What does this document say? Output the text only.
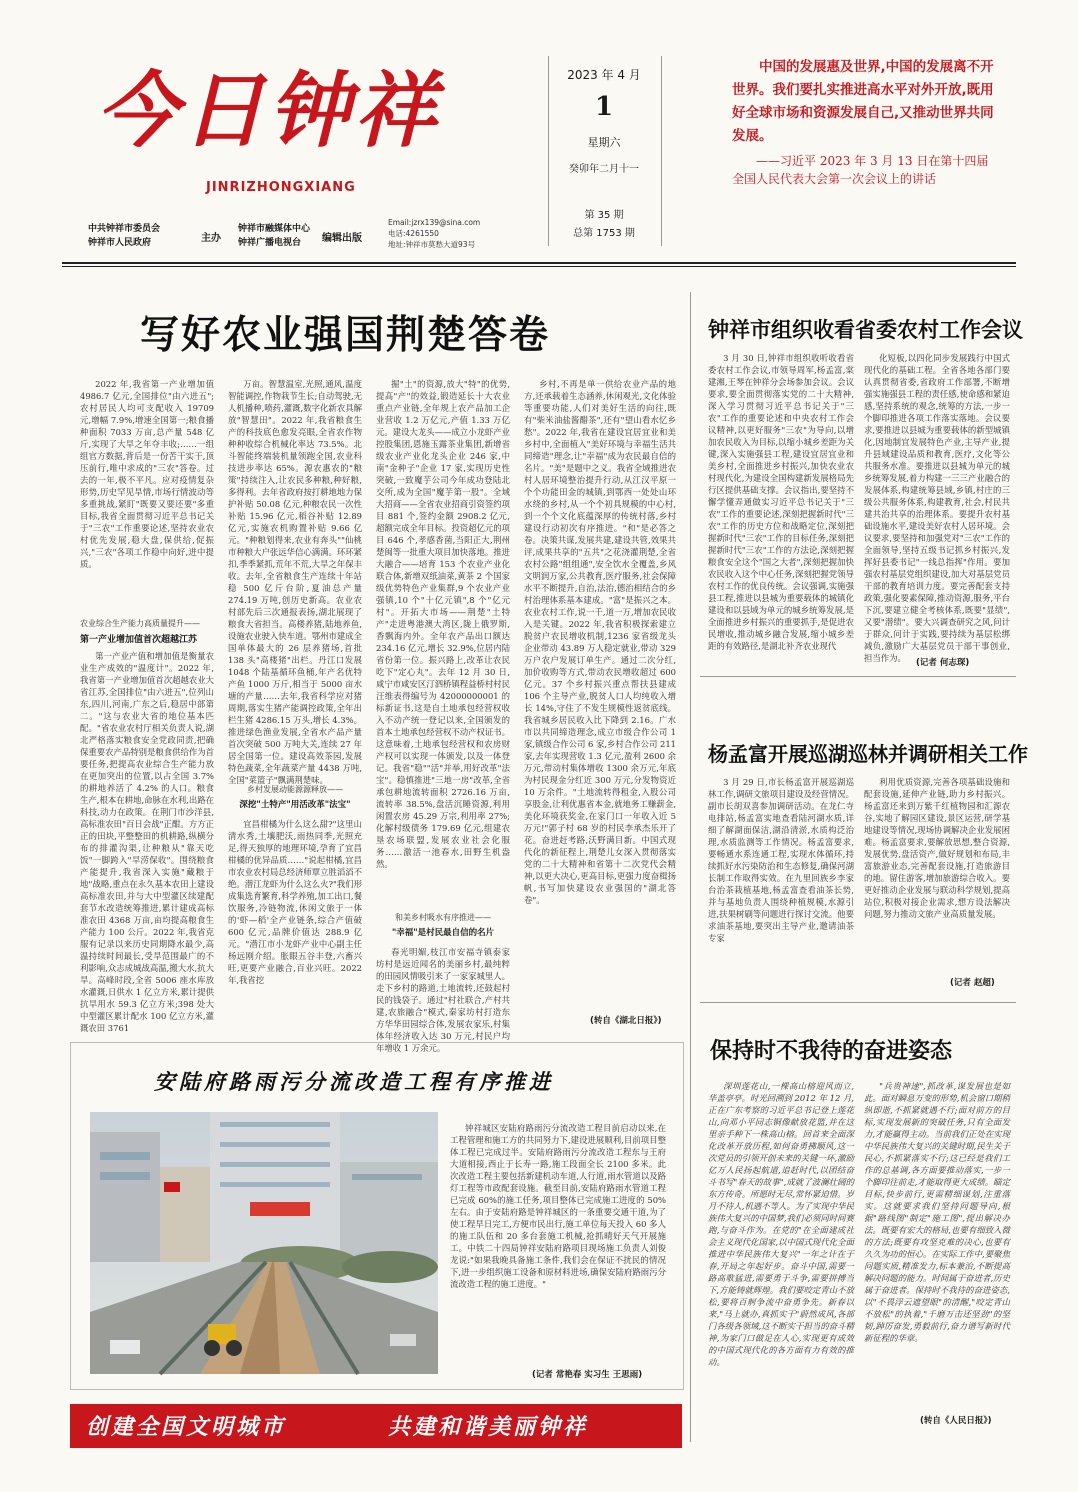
今日钟祥
JINRIZHONGXIANG
中共钟祥市委员会
钟祥市人民政府	主办
钟祥市融媒体中心
钟祥广播电视台	编辑出版
Email:jzrx139@sina.com
电话:4261550
地址:钟祥市莫愁大道93号
2023 年 4 月
1
星期六
癸卯年二月十一
第 35 期
总第 1753 期
中国的发展惠及世界,中国的发展离不开世界。我们要扎实推进高水平对外开放,既用好全球市场和资源发展自己,又推动世界共同发展。
——习近平 2023 年 3 月 13 日在第十四届全国人民代表大会第一次会议上的讲话
写好农业强国荆楚答卷

2022 年,我省第一产业增加值 4986.7 亿元,全国排位"由六进五";农村居民人均可支配收入 19709 元,增幅 7.9%,增速全国第一;粮食播种面积 7033 万亩,总产量 548 亿斤,实现了大旱之年夺丰收;……一组组官方数据,背后是一份苦干实干,顶压前行,唯中求成的"三农"答卷。过去的一年,极不平凡。应对疫情复杂形势,历史罕见旱情,市场行情波动等多重挑战,紧盯"既要又要还要"多重目标,我省全面贯彻习近平总书记关于"三农"工作重要论述,坚持农业农村优先发展,稳大盘,保供给,促振兴,"三农"各项工作稳中向好,进中提质。

农业综合生产能力高质量提升——
第一产业增加值首次超越江苏

第一产业产值和增加值是衡量农业生产成效的"温度计"。2022 年,我省第一产业增加值首次超越农业大省江苏,全国排位"由六进五",位列山东,四川,河南,广东之后,稳居中部第二。"这与农业大省的地位基本匹配。"省农业农村厅相关负责人说,湖北严格落实粮食安全党政同责,把确保重要农产品特别是粮食供给作为首要任务,把提高农业综合生产能力放在更加突出的位置,以占全国 3.7% 的耕地养活了 4.2% 的人口。粮食生产,根本在耕地,命脉在水利,出路在科技,动力在政策。在荆门市沙洋县,高标准农田"百日会战"正酣。方方正正的田块,平整整田的机耕路,纵横分布的排灌沟渠,让种粮从"靠天吃饭"一脚跨入"旱涝保收"。围绕粮食产能提升,我省深入实施"藏粮于地"战略,重点在永久基本农田上建设高标准农田,并与大中型灌区续建配套节水改造统筹推进,累计建成高标准农田 4368 万亩,亩均提高粮食生产能力 100 公斤。2022 年,我省克服有记录以来历史同期降水最少,高温持续时间最长,受旱范围最广的不利影响,众志成城战高温,搬大水,抗大旱。高峰时段,全省 5006 座水库放水灌溉,日供水 1 亿立方米,累计提供抗旱用水 59.3 亿立方米;398 处大中型灌区累计配水 100 亿立方米,灌溉农田 3761

万亩。智慧温室,光照,通风,温度智能调控,作物栽节生长;自动驾驶,无人机播种,喷药,灌溉,数字化新农具解放"智慧田"。2022 年,我省粮食生产的科技底色愈发亮眼,全省农作物种种收综合机械化率达 73.5%。北斗智能终端装机量领跑全国,农业科技进步率达 65%。源农惠农的"粮策"持续注入,让农民多种粮,种好粮,多得利。去年省政府按打耕地地力保护补贴 50.08 亿元,种粮农民一次性补贴 15.96 亿元,稻谷补贴 12.89 亿元,实施农机购置补贴 9.66 亿元。"种粮划得来,农业有奔头""仙桃市种粮大户张远华信心满满。环环紧扣,季季紧抓,荒年不荒,大旱之年保丰收。去年,全省粮食生产连续十年站稳 500 亿斤台阶,夏油总产量 274.19 万吨,创历史新高。农业农村部先后三次通报表扬,湖北展现了粮食大省担当。高楼养猪,陆地养鱼,设施农业驶入快车道。鄂州市建成全国单体最大的 26 层养猪场,首批 138 头"高楼猪"出栏。丹江口发展 1048 个陆基循环鱼桶,年产名优特产鱼 1000 万斤,相当于 5000 亩水塘的产量……去年,我省科学应对猪周期,落实生猪产能调控政策,全年出栏生猪 4286.15 万头,增长 4.3%。推进绿色渔业发展,全省水产品产量首次突破 500 万吨大关,连续 27 年居全国第一位。建设高效茶园,发展特色蔬菜,全年蔬菜产量 4438 万吨,全国"菜篮子"飘满荆楚味。

乡村发展动能源源释放——
深挖"土特产"用活改革"法宝"

宜昌柑橘为什么这么甜?"这里山清水秀,土壤肥沃,雨热同季,光照充足,得天独厚的地理环境,孕育了宜昌柑橘的优异品质……"说起柑橘,宜昌市农业农村局总经济师覃立胜滔滔不绝。潜江龙虾为什么这么火?"我们形成集选育繁育,科学养殖,加工出口,餐饮服务,冷链物流,休闲文旅于一体的'虾—稻'全产业链条,综合产值破 600 亿元,品牌价值达 288.9 亿元。"潜江市小龙虾产业中心副主任杨远刚介绍。胀眼五谷丰登,六畜兴旺,更要产业融合,百业兴旺。2022 年,我省挖

掘"土"的资源,放大"特"的优势,提高"产"的效益,锻造延长十大农业重点产业链,全年规上农产品加工企业营收 1.2 万亿元,产值 1.33 万亿元。建设大龙头——成立小龙虾产业控股集团,恩施玉露茶业集团,新增省级农业产业化龙头企业 246 家,中南"金种子"企业 17 家,实现历史性突破,一致魔芋公司今年成功登陆北交所,成为全国"魔芋第一股"。全域大招商——全省农业招商引资签约项目 881 个,签约金额 2908.2 亿元,超额完成全年目标。投资超亿元的项目 646 个,孝感香菌,当阳正大,荆州楚闽等一批重大项目加快落地。推进大融合——培育 153 个农业产业化联合体,新增双纸油菜,黄茶 2 个国家级优势特色产业集群,9 个农业产业强镇,10 个"十亿元镇",8 个"亿元村"。开拓大市场——荆楚"土特产"走进粤港澳大湾区,陇上俄罗斯,香飘海内外。全年农产品出口额达 234.16 亿元,增长 32.9%,位居内陆省份第一位。振兴路上,改革让农民吃下"定心丸"。去年 12 月 30 日,咸宁市咸安区汀泗桥镇程益桥村村民汪维表得编号为 42000000001 的标新证书,这是自土地承包经营权收入不动产统一登记以来,全国颁发的首本土地承包经营权不动产权证书。这意味着,土地承包经营权和农房财产权可以实现一体颁发,以及一体登记。我省"稳""活"并举,用好改革"法宝"。稳慎推进"三地一房"改革,全省承包耕地流转面积 2726.16 万亩,流转率 38.5%,盘活沉睡资源,利用闲置农房 45.29 万宗,利用率 27%;化解村级债务 179.69 亿元,组建农垦农场联盟,发展农业社会化服务……激活一池春水,田野生机盎然。

和美乡村吸水有序推进——
"幸福"是村民最自信的名片

春光明媚,枝江市安福寺镇泰家坊村是远近闻名的美丽乡村,最纯粹的田园风情吸引来了一家家城里人。走下乡村的路道,土地流转,还鼓起村民的钱袋子。通过"村社联合,产村共建,农旅融合"模式,秦家坊村打造东方华华田园综合体,发展农家乐,村集体年经济收入达 30 万元,村民户均年增收 1 万余元。

乡村,不再是单一供给农业产品的地方,还承载着生态涵养,休闲观光,文化体验等重要功能,人们对美好生活的向往,既有"柴米油盐酱醋茶",还有"望山看水忆乡愁"。2022 年,我省在建设宜居宜业和美乡村中,全面植入"美好环境与幸福生活共同缔造"理念,让"幸福"成为农民最自信的名片。"美"是题中之义。我省全域推进农村人居环境整治提升行动,从江汉平原一个个功能田金的城镇,到鄂西一处处山环水绕的乡村,从一个个初具规模的中心村,到一个个文化底蕴深厚的传统村落,乡村建设行动初次有序推进。"和"是必答之卷。决策共谋,发展共建,建设共管,效果共评,成果共享的"五共"之花浇灌荆楚,全省农村公路"组组通",安全饮水全覆盖,乡风文明润万家,公共教育,医疗服务,社会保障水平不断提升,自治,法治,德治相结合的乡村治理体系基本建成。"富"是振兴之本。农业农村工作,说一千,道一万,增加农民收入是关键。2022 年,我省积极探索建立脱贫户农民增收机制,1236 家省级龙头企业带动 43.89 万人稳定就业,带动 329 万户农户发展订单生产。通过二次分红,加价收购等方式,带动农民增收超过 600 亿元。37 个乡村振兴重点帮扶县建成 106 个主导产业,脱贫人口人均纯收入增长 14%,守住了不发生规模性返贫底线。我省城乡居民收入比下降到 2.16。广水市以共同缔造理念,成立市级合作公司 1 家,镇级合作公司 6 家,乡村合作公司 211 家,去年实现营收 1.3 亿元,盈利 2600 余万元,带动村集体增收 1300 余万元,年底为村民现金分红近 300 万元,分发物资近 10 万余件。"土地流转得租金,入股公司享股金,让利优惠省本金,就地务工赚薪金,美化环境获奖金,在家门口一年收入近 5 万元!"郭子村 68 岁的村民李承杰乐开了花。奋进赶考路,沃野满目新。中国式现代化的新征程上,荆楚儿女深入贯彻落实党的二十大精神和省第十二次党代会精神,以更大决心,更高目标,更强力度奋楫扬帆,书写加快建设农业强国的"湖北答卷"。

(转自《湖北日报》)
钟祥市组织收看省委农村工作会议

3 月 30 日,钟祥市组织收听收看省委农村工作会议,市领导周军,杨孟富,棠建湘,王琴在钟祥分会场参加会议。会议要求,要全面贯彻落实党的二十大精神,深入学习贯彻习近平总书记关于"三农"工作的重要论述和中央农村工作会议精神,以更好服务"三农"为导向,以增加农民收入为目标,以缩小城乡差距为关键,深入实施强县工程,建设宜居宜业和美乡村,全面推进乡村振兴,加快农业农村现代化,为建设全国构建新发展格局先行区提供基础支撑。会议指出,要坚持不懈学懂弄通做实习近平总书记关于"三农"工作的重要论述,深刻把握新时代"三农"工作的历史方位和战略定位,深刻把握新时代"三农"工作的目标任务,深刻把握新时代"三农"工作的方法论,深刻把握粮食安全这个"国之大者",深刻把握加快农民收入这个中心任务,深刻把握党领导农村工作的优良传统。会议强调,实施强县工程,推进以县城为重要载体的城镇化建设和以县域为单元的城乡统筹发展,是全面推进乡村振兴的重要抓手,是促进农民增收,推动城乡融合发展,缩小城乡差距的有效路径,是湖北补齐农业现代

化短板,以四化同步发展践行中国式现代化的基础工程。全省各地各部门要认真贯彻省委,省政府工作部署,不断增强实施强县工程的责任感,使命感和紧迫感,坚持系统的观念,统筹的方法,一步一个脚印推进各项工作落实落地。会议要求,要推进以县城为重要载体的新型城镇化,因地制宜发展特色产业,主导产业,提升县域建设品质和教育,医疗,文化等公共服务水准。要推进以县城为单元的城乡统筹发展,着力构建一三三产业融合的发展体系,构建统筹县域,乡镇,村庄的三级公共服务体系,构建教育,社会,村民共建共治共享的治理体系。要提升农村基础设施水平,建设美好农村人居环境。会议要求,要坚持和加强党对"三农"工作的全面领导,坚持五级书记抓乡村振兴,发挥好县委书记"一线总指挥"作用。要加强农村基层党组织建设,加大对基层党员干部的教育培训力度。要完善配套支持政策,强化要素保障,推动资源,服务,平台下沉,要建立健全考核体系,既要"显绩",又要"潜绩"。要大兴调查研究之风,问计于群众,问计于实践,要持续为基层松绑减负,激励广大基层党员干部干事创业,担当作为。	(记者 何志琛)
杨孟富开展巡湖巡林并调研相关工作

3 月 29 日,市长杨孟富开展巡湖巡林工作,调研文旅项目建设及经营情况。副市长胡双喜参加调研活动。在龙仁寺电排站,杨孟富实地查看陆河湖水质,详细了解湖面保洁,湖沿清淤,水质构泛治理,水质监测等工作情况。杨孟富要求,要畅通水系连通工程,实现水体循环,持续抓好水污染防治和生态修复,确保河湖长制工作取得实效。在九里回族乡李家台治茶栽植基地,杨孟富查看油茶长势,并与基地负责人围绕种植规模,水源引进,扶果树刷等问题进行探讨交流。他要求油茶基地,要突出主导产业,邀请油茶专家

利用优质资源,完善各项基础设施和配套设施,延伸产业链,助力乡村振兴。杨孟富还来到万紫千红植物园和汇源农谷,实地了解园区建设,景区运营,研学基地建设等情况,现场协调解决企业发展困难。杨孟富要求,要解放思想,整合资源,发展优势,盘活资产,做好规划和布局,丰富旅游业态,完善配套设施,打造旅游目的地。留住游客,增加旅游综合收入。要更好推动企业发展与联动科学规划,提高站位,积极对接企业需求,想方设法解决问题,努力推动文旅产业高质量发展。

(记者 赵超)
保持时不我待的奋进姿态

深圳莲花山,一棵高山榕迎风而立,华盖亭亭。时光回溯到 2012 年 12 月,正在广东考察的习近平总书记登上莲花山,向邓小平同志铜像献放花篮,并在这里亲手种下一株高山榕。回首来全面深化改革开放历程,如何奋勇拂顺风,这一次党员的引领开创未来的关键一环,激励亿万人民扬起航道,追赶时代,以团结奋斗书写"春天的故事",成就了波澜壮阔的东方传奇。所愿时无尽,常怀紧迫惜。岁月不待人,机遇不等人。为了实现中华民族伟大复兴的中国梦,我们必须同时间赛跑,与奋斗作为。在党的"在全面建成社会主义现代化国家,以中国式现代化全面推进中华民族伟大复兴"一年之计在于春,开局之年起好步。奋斗中国,需要一路高歌猛进,需要勇于斗争,需要拼搏当下,方能铸就辉煌。我们要咬定青山不放松,要将百舸争流中奋勇争先。新春以来,"马上就办,真抓实干"蔚然成风,各部门各级各领域,这不断实干担当的奋斗精神,为家门口做足在人心,实现更有成效的中国式现代化的各方面有力有效的推动。

"兵贵神速",抓改革,谋发展也是如此。面对瞬息万变的形势,机会窗口期稍纵即逝,不抓紧就遇不行;面对前方的目标,实现发展新的突破任务,只有全面发力,才能赢得主动。当前我们正处在实现中华民族伟大复兴的关键时期,民生关于民心,不抓紧落实不行;这已经是我们工作的总基调,各方面要推动落实,一步一个脚印往前走,才能取得更大成绩。瞄定目标,快步前行,更需精细谋划,注重落实。这就要求我们坚持问题导向,根据"路线图"制定"施工图",提出解决办法。既要有宏大的格局,也要有细致入微的方法;既要有攻坚克难的决心,也要有久久为功的恒心。在实际工作中,要聚焦问题实质,精准发力,标本兼治,不断提高解决问题的能力。时间属于奋进者,历史属于奋进者。保持时不我待的奋进姿态,以"不畏浮云遮望眼"的清醒,"咬定青山不放松"的执着,"千磨万击还坚劲"的坚韧,踔厉奋发,勇毅前行,奋力谱写新时代新征程的华章。

(转自《人民日报》)
安陆府路雨污分流改造工程有序推进

钟祥城区安陆府路雨污分流改造工程目前启动以来,在工程管理和施工方的共同努力下,建设进展顺利,目前项目整体工程已完成过半。安陆府路雨污分流改造工程东与王府大道相接,西止于长寿一路,施工段面全长 2100 多米。此次改造工程主要包括新建机动车道,人行道,雨水管道以及路灯工程等市政配套设施。截至目前,安陆府路雨水管道工程已完成 60%的施工任务,项目整体已完成施工进度的 50%左右。由于安陆府路是钟祥城区的一条重要交通干道,为了使工程早日完工,方便市民出行,施工单位每天投入 60 多人的施工队伍和 20 多台套施工机械,抢抓晴好天气开展施工。中铁二十四局钟祥安陆府路项目现场施工负责人刘俊龙说:"如果我晚具备施工条件,我们会在保证不扰民的情况下,进一步组织施工设备和原材料进场,确保安陆府路雨污分流改造工程的施工进度。"

(记者 常艳春 实习生 王思雨)
创建全国文明城市	共建和谐美丽钟祥
